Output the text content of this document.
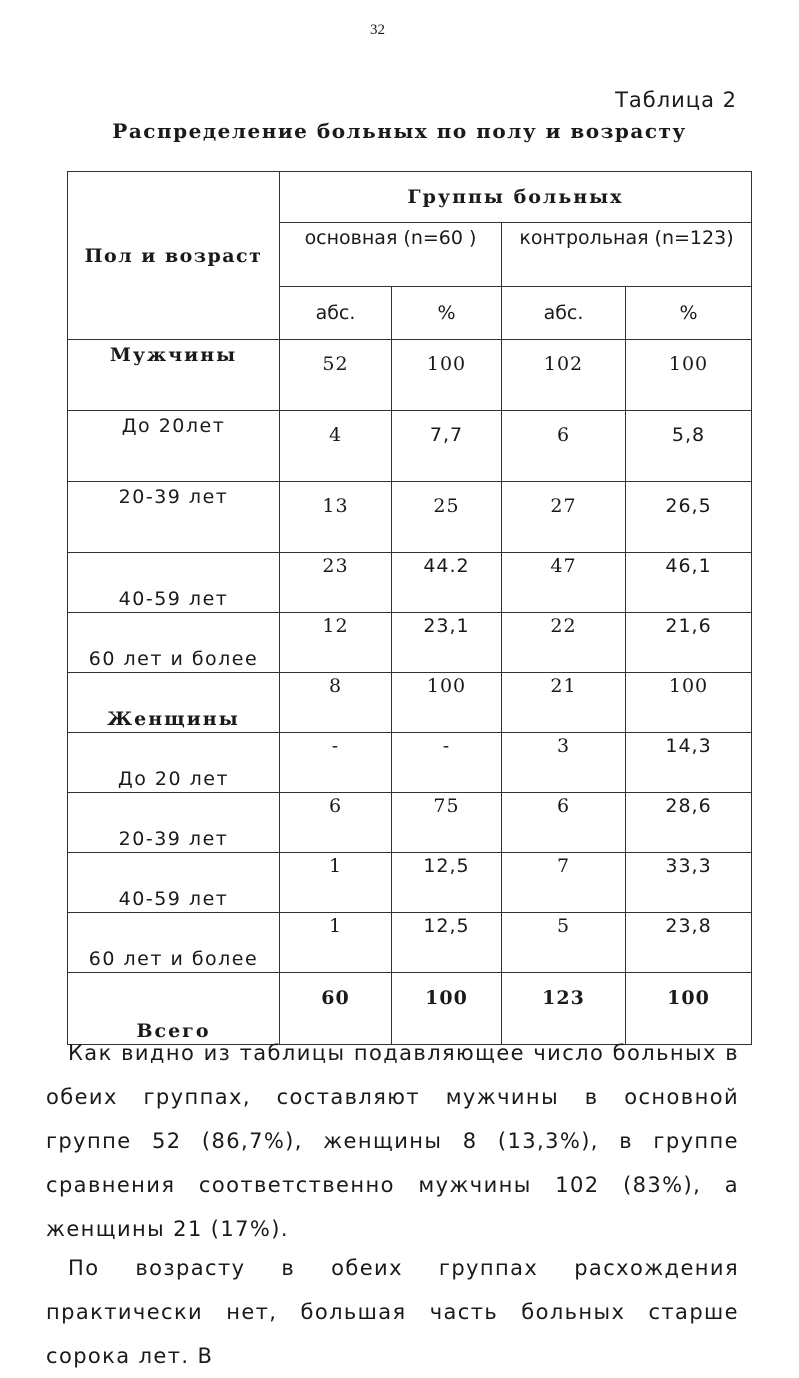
32
Таблица 2
Распределение больных по полу и возрасту
Пол и возраст	Группы больных			
	основная (n=60 )		контрольная (n=123)	
	абс.	%	абс.	%
Мужчины	52	100	102	100
До 20лет	4	7,7	6	5,8
20-39 лет	13	25	27	26,5
40-59 лет	23	44.2	47	46,1
60 лет и более	12	23,1	22	21,6
Женщины	8	100	21	100
До 20 лет	-	-	3	14,3
20-39 лет	6	75	6	28,6
40-59 лет	1	12,5	7	33,3
60 лет и более	1	12,5	5	23,8
Всего	60	100	123	100

Как видно из таблицы подавляющее число больных в обеих группах, составляют мужчины в основной группе 52 (86,7%), женщины 8 (13,3%), в группе сравнения соответственно мужчины 102 (83%), а женщины 21 (17%).

По возрасту в обеих группах расхождения практически нет, большая часть больных старше сорока лет. В
